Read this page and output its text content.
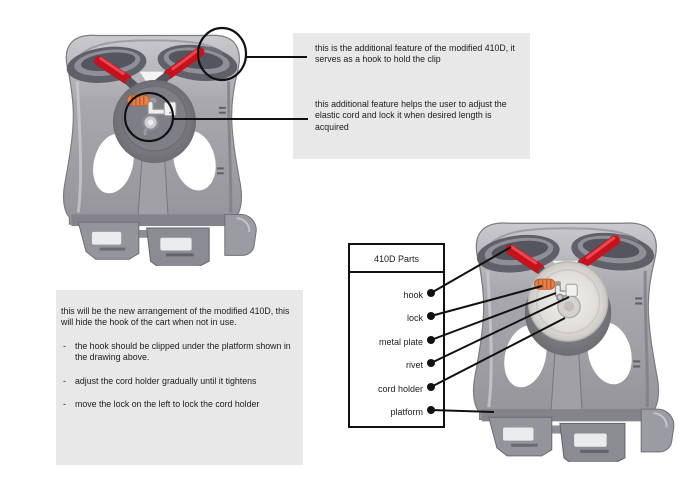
this is the additional feature of the modified 410D, it serves as a hook to hold the clip

this additional feature helps the user to adjust the elastic cord and lock it when desired length is acquired

this will be the new arrangement of the modified 410D, this will hide the hook of the cart when not in use.

-	the hook should be clipped under the platform shown in the drawing above.
-	adjust the cord holder gradually until it tightens
-	move the lock on the left to lock the cord holder
410D Parts
hook
lock
metal plate
rivet
cord holder
platform
